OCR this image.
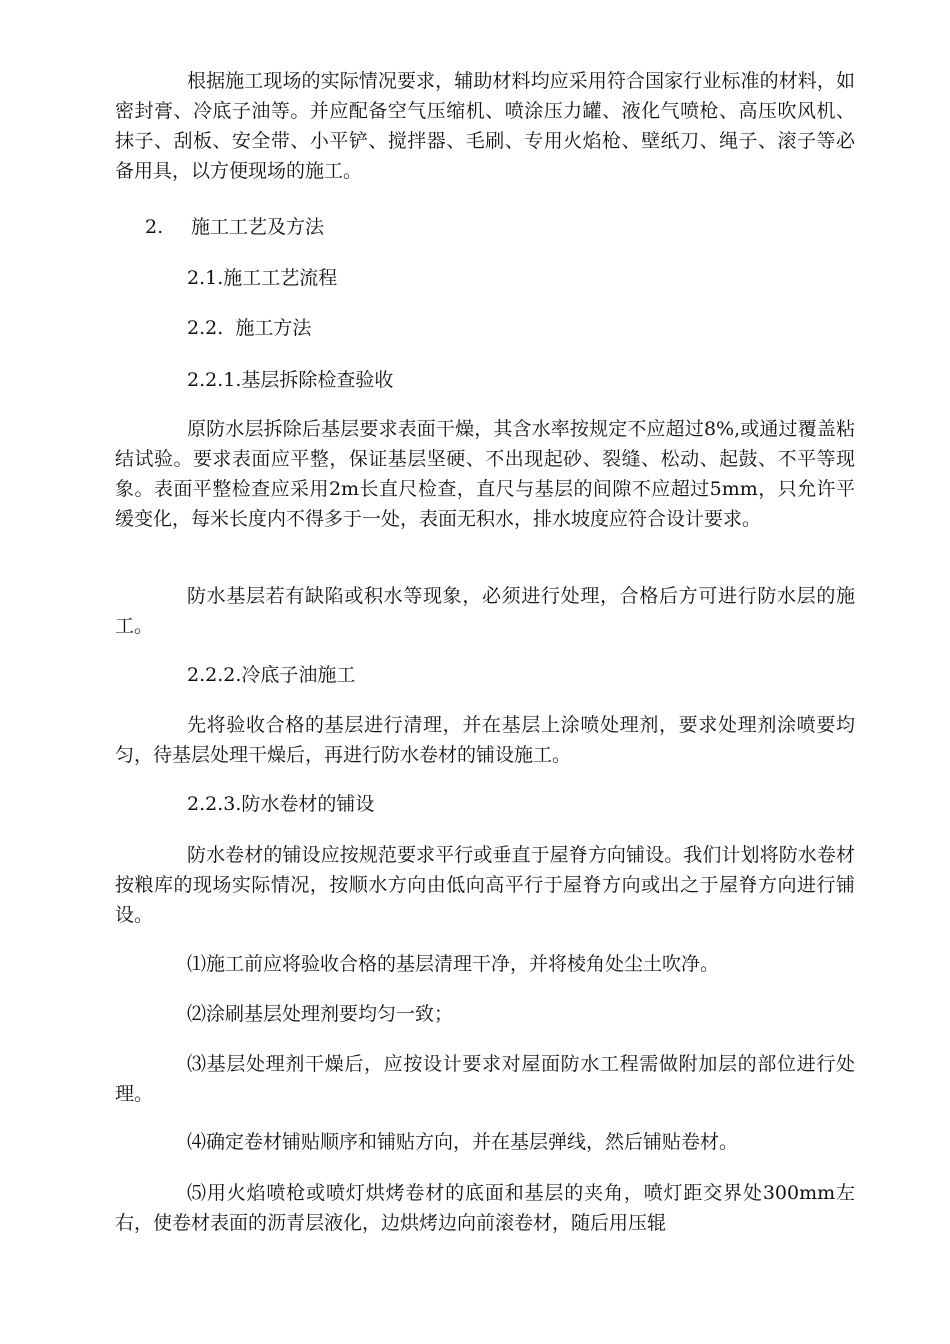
根据施工现场的实际情况要求，辅助材料均应采用符合国家行业标准的材料，如密封膏、冷底子油等。并应配备空气压缩机、喷涂压力罐、液化气喷枪、高压吹风机、抹子、刮板、安全带、小平铲、搅拌器、毛刷、专用火焰枪、壁纸刀、绳子、滚子等必备用具，以方便现场的施工。

2. 施工工艺及方法
2.1.施工工艺流程
2.2.  施工方法
2.2.1.基层拆除检查验收

原防水层拆除后基层要求表面干燥，其含水率按规定不应超过8%,或通过覆盖粘结试验。要求表面应平整，保证基层坚硬、不出现起砂、裂缝、松动、起鼓、不平等现象。表面平整检查应采用2m长直尺检查，直尺与基层的间隙不应超过5mm，只允许平缓变化，每米长度内不得多于一处，表面无积水，排水坡度应符合设计要求。

防水基层若有缺陷或积水等现象，必须进行处理，合格后方可进行防水层的施工。

2.2.2.冷底子油施工

先将验收合格的基层进行清理，并在基层上涂喷处理剂，要求处理剂涂喷要均匀，待基层处理干燥后，再进行防水卷材的铺设施工。

2.2.3.防水卷材的铺设

防水卷材的铺设应按规范要求平行或垂直于屋脊方向铺设。我们计划将防水卷材按粮库的现场实际情况，按顺水方向由低向高平行于屋脊方向或出之于屋脊方向进行铺设。

⑴施工前应将验收合格的基层清理干净，并将棱角处尘土吹净。

⑵涂刷基层处理剂要均匀一致；

⑶基层处理剂干燥后，应按设计要求对屋面防水工程需做附加层的部位进行处理。

⑷确定卷材铺贴顺序和铺贴方向，并在基层弹线，然后铺贴卷材。

⑸用火焰喷枪或喷灯烘烤卷材的底面和基层的夹角，喷灯距交界处300mm左右，使卷材表面的沥青层液化，边烘烤边向前滚卷材，随后用压辊
